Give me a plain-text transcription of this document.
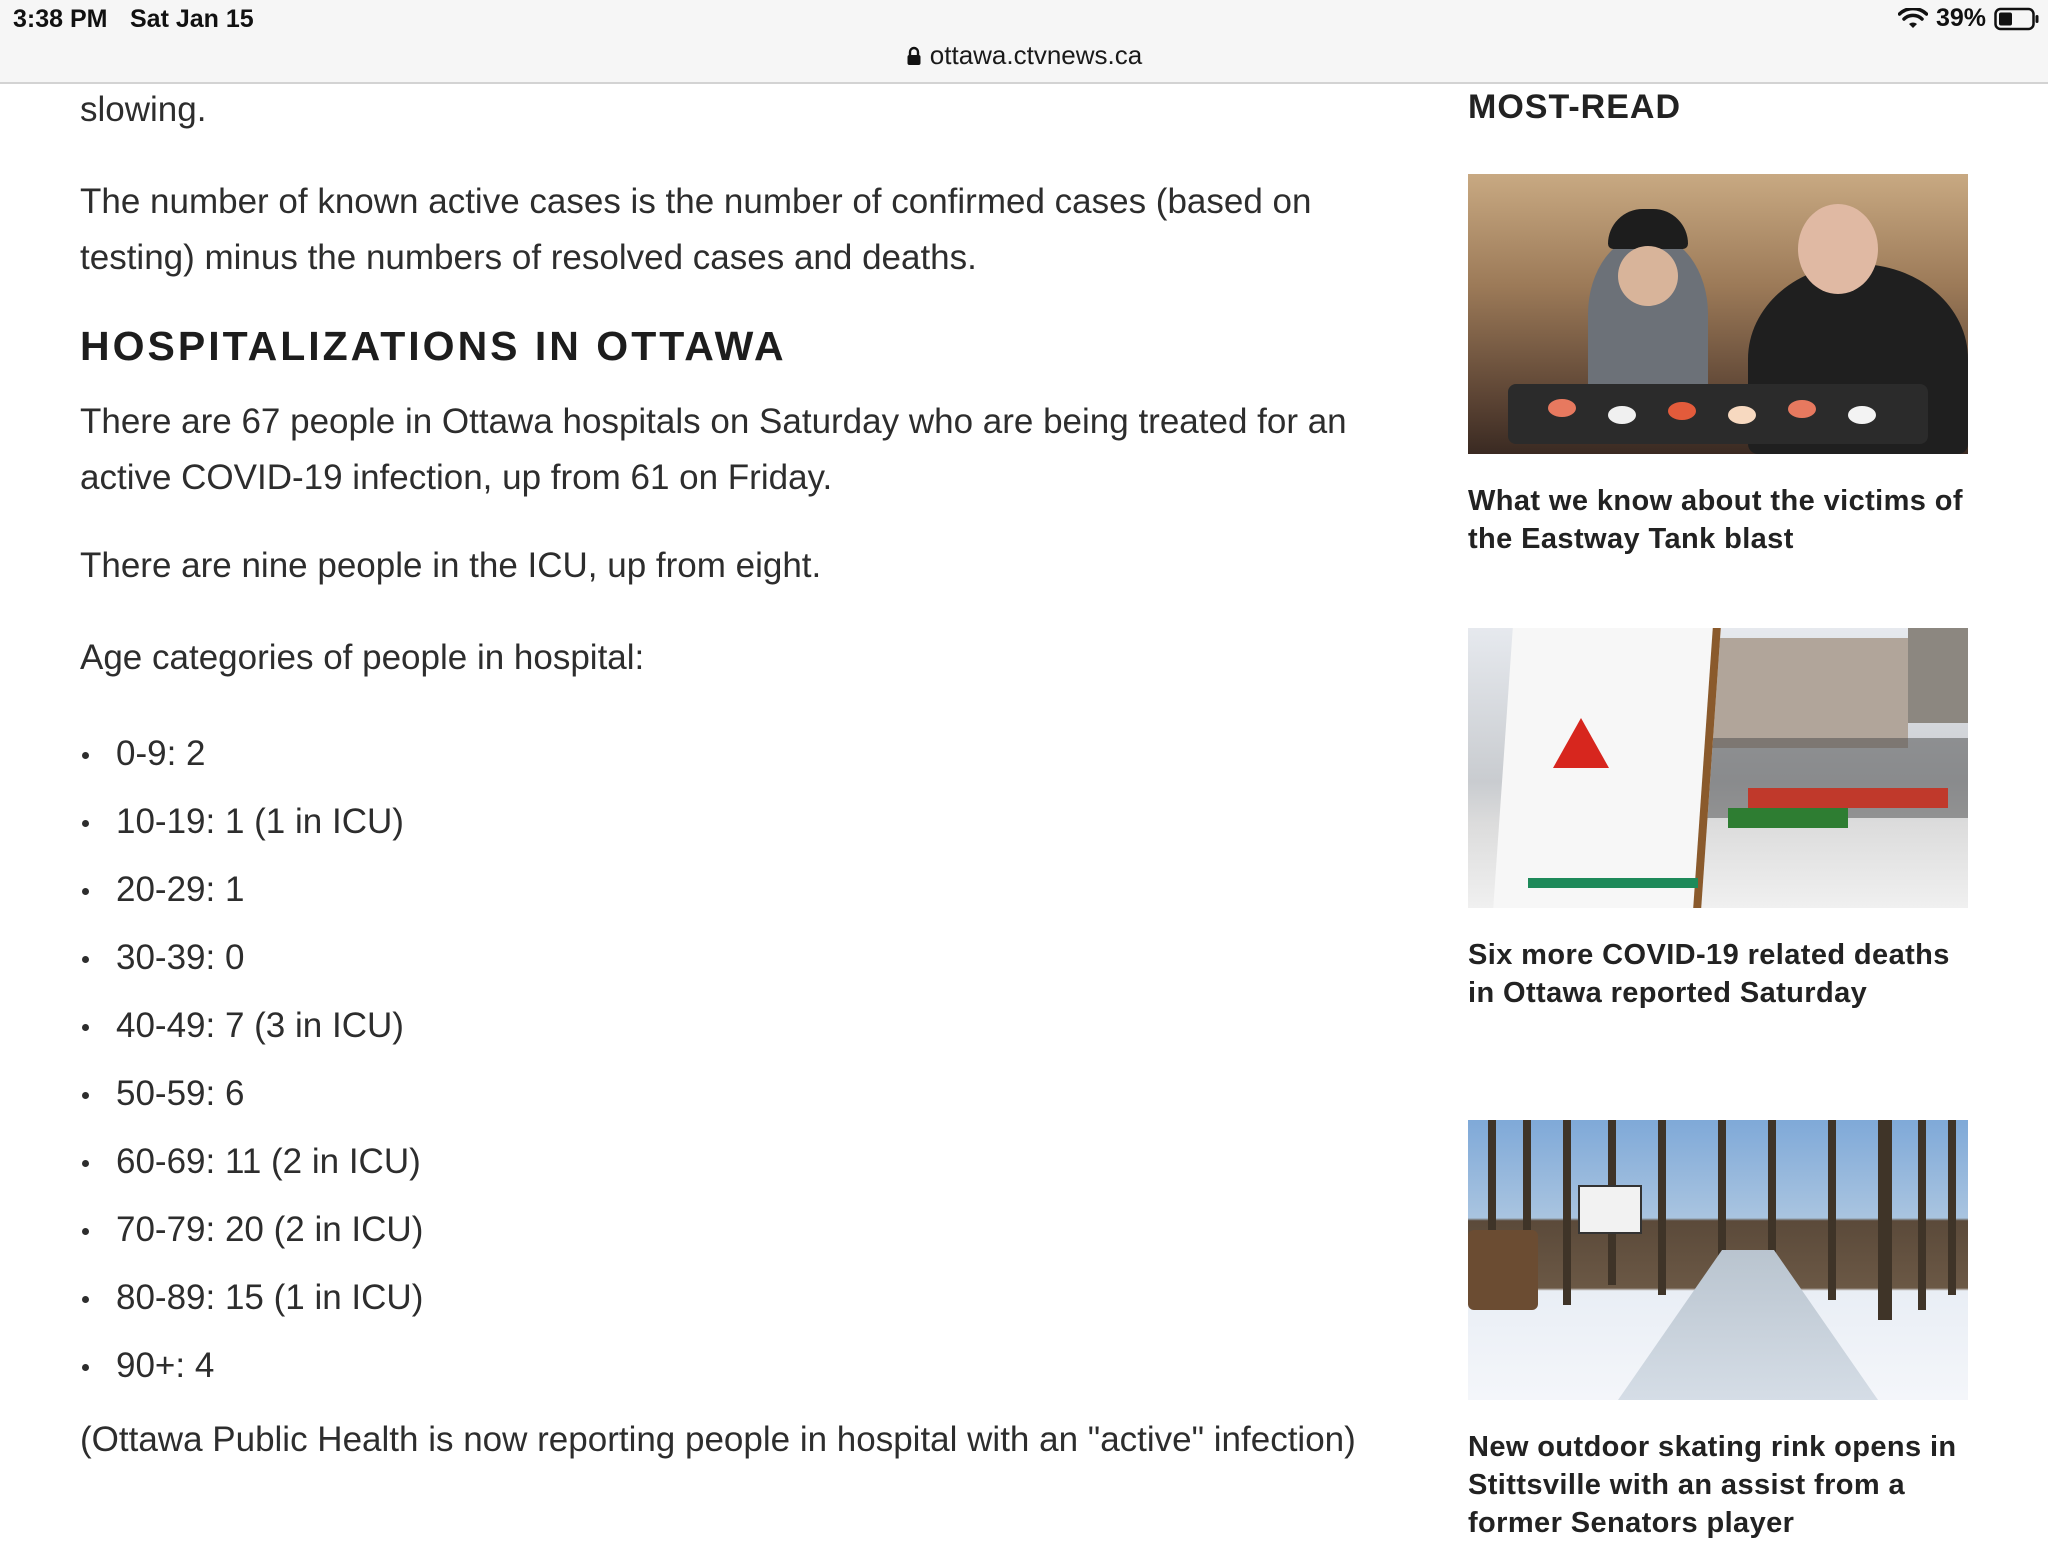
3:38 PM Sat Jan 15	39%
ottawa.ctvnews.ca

slowing.

The number of known active cases is the number of confirmed cases (based on testing) minus the numbers of resolved cases and deaths.

HOSPITALIZATIONS IN OTTAWA

There are 67 people in Ottawa hospitals on Saturday who are being treated for an active COVID-19 infection, up from 61 on Friday.

There are nine people in the ICU, up from eight.

Age categories of people in hospital:

0-9: 2
10-19: 1 (1 in ICU)
20-29: 1
30-39: 0
40-49: 7 (3 in ICU)
50-59: 6
60-69: 11 (2 in ICU)
70-79: 20 (2 in ICU)
80-89: 15 (1 in ICU)
90+: 4

(Ottawa Public Health is now reporting people in hospital with an "active" infection)

MOST-READ
What we know about the victims of the Eastway Tank blast
Six more COVID-19 related deaths in Ottawa reported Saturday
New outdoor skating rink opens in Stittsville with an assist from a former Senators player
